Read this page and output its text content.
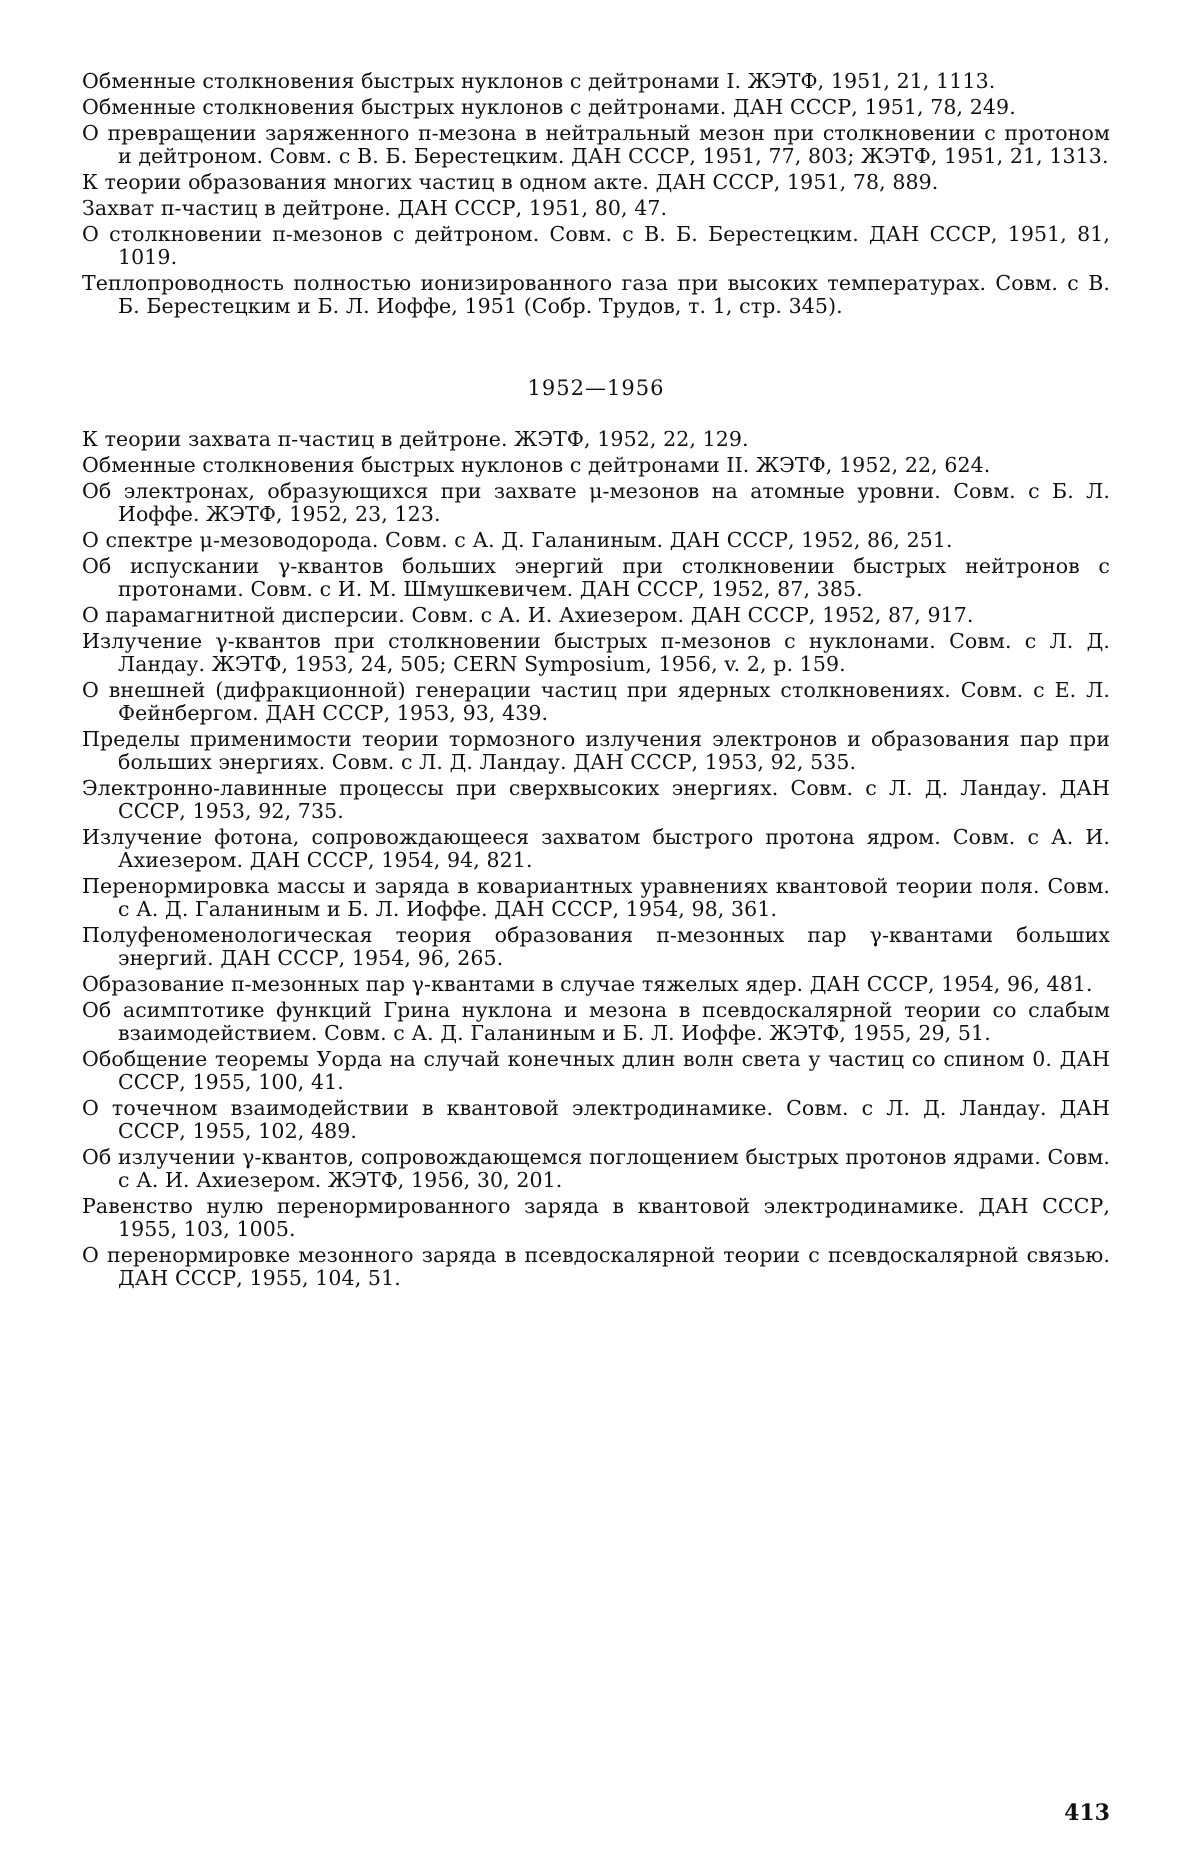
Обменные столкновения быстрых нуклонов с дейтронами I. ЖЭТФ, 1951, 21, 1113.

Обменные столкновения быстрых нуклонов с дейтронами. ДАН СССР, 1951, 78, 249.

О превращении заряженного π-мезона в нейтральный мезон при столкновении с протоном и дейтроном. Совм. с В. Б. Берестецким. ДАН СССР, 1951, 77, 803; ЖЭТФ, 1951, 21, 1313.

К теории образования многих частиц в одном акте. ДАН СССР, 1951, 78, 889.

Захват π-частиц в дейтроне. ДАН СССР, 1951, 80, 47.

О столкновении π-мезонов с дейтроном. Совм. с В. Б. Берестецким. ДАН СССР, 1951, 81, 1019.

Теплопроводность полностью ионизированного газа при высоких температурах. Совм. с В. Б. Берестецким и Б. Л. Иоффе, 1951 (Собр. Трудов, т. 1, стр. 345).

1952—1956

К теории захвата π-частиц в дейтроне. ЖЭТФ, 1952, 22, 129.

Обменные столкновения быстрых нуклонов с дейтронами II. ЖЭТФ, 1952, 22, 624.

Об электронах, образующихся при захвате μ-мезонов на атомные уровни. Совм. с Б. Л. Иоффе. ЖЭТФ, 1952, 23, 123.

О спектре μ-мезоводорода. Совм. с А. Д. Галаниным. ДАН СССР, 1952, 86, 251.

Об испускании γ-квантов больших энергий при столкновении быстрых нейтронов с протонами. Совм. с И. М. Шмушкевичем. ДАН СССР, 1952, 87, 385.

О парамагнитной дисперсии. Совм. с А. И. Ахиезером. ДАН СССР, 1952, 87, 917.

Излучение γ-квантов при столкновении быстрых π-мезонов с нуклонами. Совм. с Л. Д. Ландау. ЖЭТФ, 1953, 24, 505; CERN Symposium, 1956, v. 2, p. 159.

О внешней (дифракционной) генерации частиц при ядерных столкновениях. Совм. с Е. Л. Фейнбергом. ДАН СССР, 1953, 93, 439.

Пределы применимости теории тормозного излучения электронов и образования пар при больших энергиях. Совм. с Л. Д. Ландау. ДАН СССР, 1953, 92, 535.

Электронно-лавинные процессы при сверхвысоких энергиях. Совм. с Л. Д. Ландау. ДАН СССР, 1953, 92, 735.

Излучение фотона, сопровождающееся захватом быстрого протона ядром. Совм. с А. И. Ахиезером. ДАН СССР, 1954, 94, 821.

Перенормировка массы и заряда в ковариантных уравнениях квантовой теории поля. Совм. с А. Д. Галаниным и Б. Л. Иоффе. ДАН СССР, 1954, 98, 361.

Полуфеноменологическая теория образования π-мезонных пар γ-квантами больших энергий. ДАН СССР, 1954, 96, 265.

Образование π-мезонных пар γ-квантами в случае тяжелых ядер. ДАН СССР, 1954, 96, 481.

Об асимптотике функций Грина нуклона и мезона в псевдоскалярной теории со слабым взаимодействием. Совм. с А. Д. Галаниным и Б. Л. Иоффе. ЖЭТФ, 1955, 29, 51.

Обобщение теоремы Уорда на случай конечных длин волн света у частиц со спином 0. ДАН СССР, 1955, 100, 41.

О точечном взаимодействии в квантовой электродинамике. Совм. с Л. Д. Ландау. ДАН СССР, 1955, 102, 489.

Об излучении γ-квантов, сопровождающемся поглощением быстрых протонов ядрами. Совм. с А. И. Ахиезером. ЖЭТФ, 1956, 30, 201.

Равенство нулю перенормированного заряда в квантовой электродинамике. ДАН СССР, 1955, 103, 1005.

О перенормировке мезонного заряда в псевдоскалярной теории с псевдоскалярной связью. ДАН СССР, 1955, 104, 51.

413
